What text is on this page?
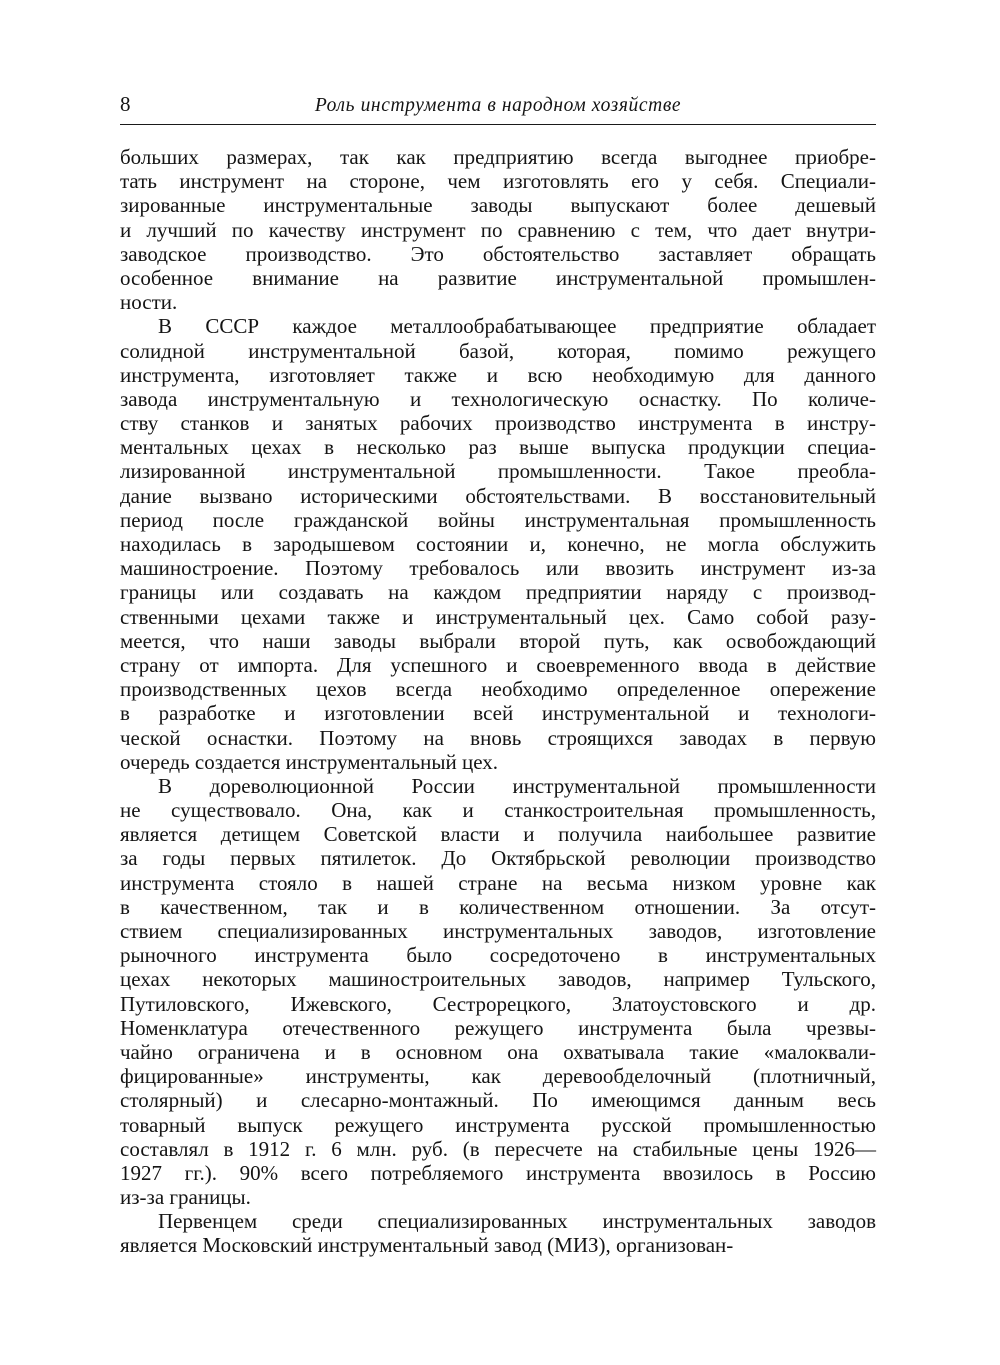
8	Роль инструмента в народном хозяйстве
больших размерах, так как предприятию всегда выгоднее приобре-
тать инструмент на стороне, чем изготовлять его у себя. Специали-
зированные инструментальные заводы выпускают более дешевый
и лучший по качеству инструмент по сравнению с тем, что дает внутри-
заводское производство. Это обстоятельство заставляет обращать
особенное внимание на развитие инструментальной промышлен-
ности.
В СССР каждое металлообрабатывающее предприятие обладает
солидной инструментальной базой, которая, помимо режущего
инструмента, изготовляет также и всю необходимую для данного
завода инструментальную и технологическую оснастку. По количе-
ству станков и занятых рабочих производство инструмента в инстру-
ментальных цехах в несколько раз выше выпуска продукции специа-
лизированной инструментальной промышленности. Такое преобла-
дание вызвано историческими обстоятельствами. В восстановительный
период после гражданской войны инструментальная промышленность
находилась в зародышевом состоянии и, конечно, не могла обслужить
машиностроение. Поэтому требовалось или ввозить инструмент из-за
границы или создавать на каждом предприятии наряду с производ-
ственными цехами также и инструментальный цех. Само собой разу-
меется, что наши заводы выбрали второй путь, как освобождающий
страну от импорта. Для успешного и своевременного ввода в действие
производственных цехов всегда необходимо определенное опережение
в разработке и изготовлении всей инструментальной и технологи-
ческой оснастки. Поэтому на вновь строящихся заводах в первую
очередь создается инструментальный цех.
В дореволюционной России инструментальной промышленности
не существовало. Она, как и станкостроительная промышленность,
является детищем Советской власти и получила наибольшее развитие
за годы первых пятилеток. До Октябрьской революции производство
инструмента стояло в нашей стране на весьма низком уровне как
в качественном, так и в количественном отношении. За отсут-
ствием специализированных инструментальных заводов, изготовление
рыночного инструмента было сосредоточено в инструментальных
цехах некоторых машиностроительных заводов, например Тульского,
Путиловского, Ижевского, Сестрорецкого, Златоустовского и др.
Номенклатура отечественного режущего инструмента была чрезвы-
чайно ограничена и в основном она охватывала такие «малоквали-
фицированные» инструменты, как деревообделочный (плотничный,
столярный) и слесарно-монтажный. По имеющимся данным весь
товарный выпуск режущего инструмента русской промышленностью
составлял в 1912 г. 6 млн. руб. (в пересчете на стабильные цены 1926—
1927 гг.). 90% всего потребляемого инструмента ввозилось в Россию
из-за границы.
Первенцем среди специализированных инструментальных заводов
является Московский инструментальный завод (МИЗ), организован-
